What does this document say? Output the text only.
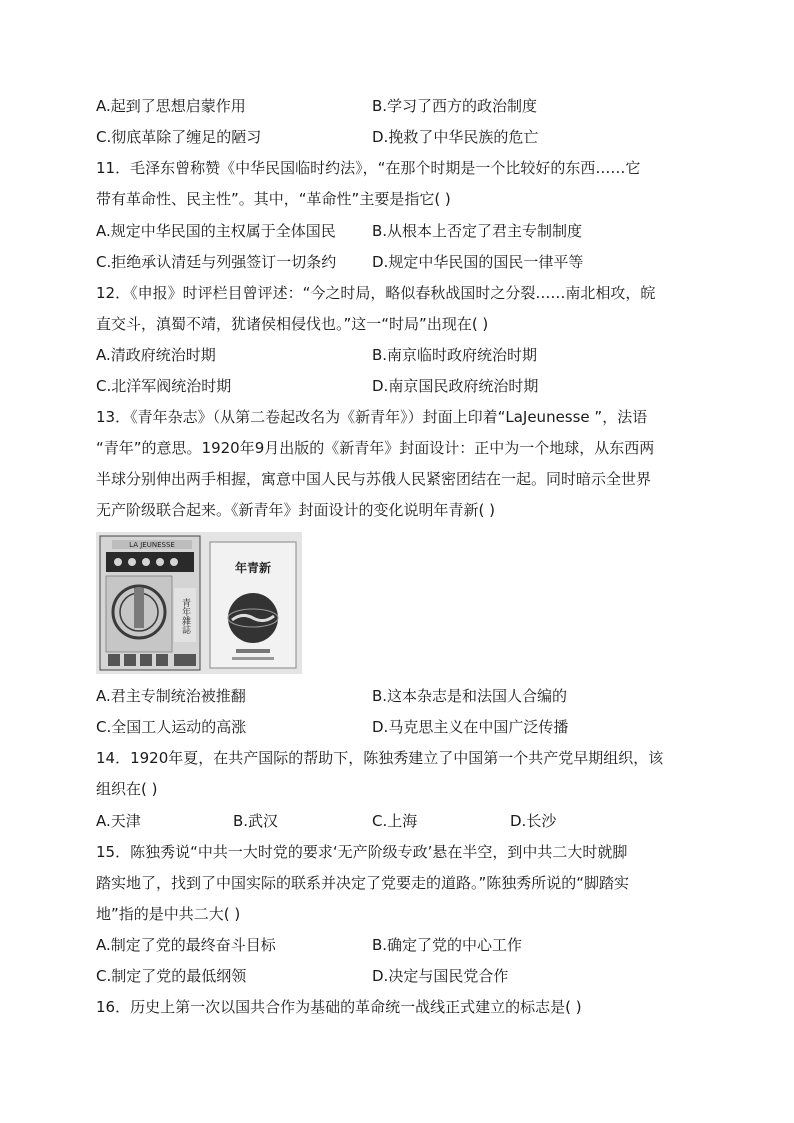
A.起到了思想启蒙作用	B.学习了西方的政治制度
C.彻底革除了缠足的陋习	D.挽救了中华民族的危亡
11．毛泽东曾称赞《中华民国临时约法》，“在那个时期是一个比较好的东西……它
带有革命性、民主性”。其中，“革命性”主要是指它( )
A.规定中华民国的主权属于全体国民 B.从根本上否定了君主专制制度
C.拒绝承认清廷与列强签订一切条约 D.规定中华民国的国民一律平等
12．《申报》时评栏目曾评述：“今之时局，略似春秋战国时之分裂……南北相攻，皖
直交斗，滇蜀不靖，犹诸侯相侵伐也。”这一“时局”出现在( )
A.清政府统治时期	B.南京临时政府统治时期
C.北洋军阀统治时期	D.南京国民政府统治时期
13．《青年杂志》（从第二卷起改名为《新青年》）封面上印着“LaJeunesse ”，法语
“青年”的意思。1920年9月出版的《新青年》封面设计：正中为一个地球，从东西两
半球分别伸出两手相握，寓意中国人民与苏俄人民紧密团结在一起。同时暗示全世界
无产阶级联合起来。《新青年》封面设计的变化说明年青新( )
LA JEUNESSE
青年雜誌
年青新
A.君主专制统治被推翻	B.这本杂志是和法国人合编的
C.全国工人运动的高涨	D.马克思主义在中国广泛传播
14．1920年夏，在共产国际的帮助下，陈独秀建立了中国第一个共产党早期组织，该
组织在( )
A.天津	B.武汉	C.上海	D.长沙
15．陈独秀说“中共一大时党的要求‘无产阶级专政’悬在半空，到中共二大时就脚
踏实地了，找到了中国实际的联系并决定了党要走的道路。”陈独秀所说的“脚踏实
地”指的是中共二大( )
A.制定了党的最终奋斗目标	B.确定了党的中心工作
C.制定了党的最低纲领	D.决定与国民党合作
16．历史上第一次以国共合作为基础的革命统一战线正式建立的标志是( )
